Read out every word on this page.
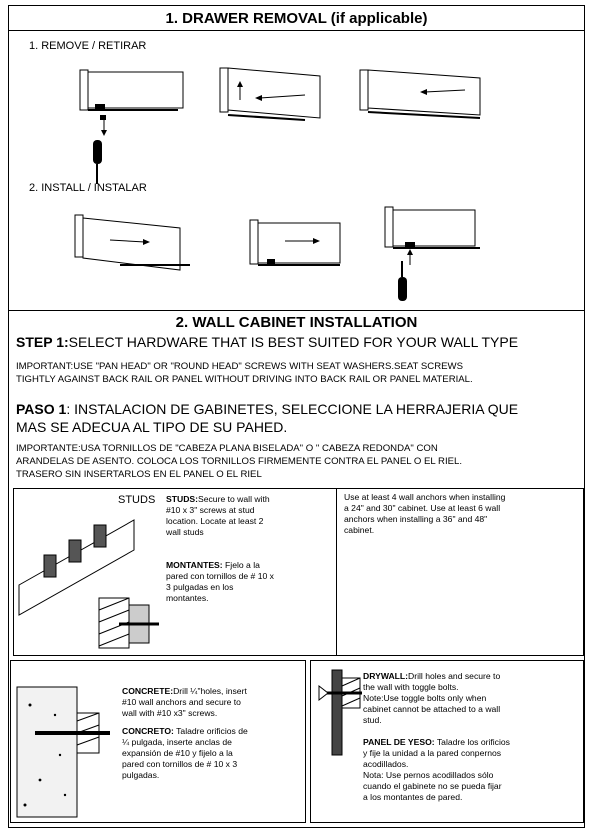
1. DRAWER REMOVAL (if applicable)
1. REMOVE / RETIRAR
2. INSTALL / INSTALAR
2. WALL CABINET INSTALLATION
STEP 1:SELECT HARDWARE THAT IS BEST SUITED FOR YOUR WALL TYPE
IMPORTANT:USE "PAN HEAD" OR "ROUND HEAD" SCREWS WITH SEAT WASHERS.SEAT SCREWS
TIGHTLY AGAINST BACK RAIL OR PANEL WITHOUT DRIVING INTO BACK RAIL OR PANEL MATERIAL.
PASO 1: INSTALACION DE GABINETES, SELECCIONE LA HERRAJERIA QUE
MAS SE ADECUA AL TIPO DE SU PAHED.
IMPORTANTE:USA TORNILLOS DE "CABEZA PLANA BISELADA" O " CABEZA REDONDA" CON
ARANDELAS DE ASENTO. COLOCA LOS TORNILLOS FIRMEMENTE CONTRA EL PANEL O EL RIEL.
TRASERO SIN INSERTARLOS EN EL PANEL O EL RIEL
STUDS STUDS:Secure to wall with
#10 x 3" screws at stud
location. Locate at least 2
wall studs
MONTANTES: Fjelo a la
pared con tornillos de # 10 x
3 pulgadas en los
montantes.
Use at least 4 wall anchors when installing
a 24" and 30" cabinet. Use at least 6 wall
anchors when installing a 36" and 48"
cabinet.
CONCRETE:Drill ¼"holes, insert
#10 wall anchors and secure to
wall with #10 x3" screws.
CONCRETO: Taladre orificios de
¼ pulgada, inserte anclas de
expansión de #10 y fijelo a la
pared con tornillos de # 10 x 3
pulgadas.
DRYWALL:Drill holes and secure to
the wall with toggle bolts.
Note:Use toggle bolts only when
cabinet cannot be attached to a wall
stud.
PANEL DE YESO: Taladre los orificios
y fije la unidad a la pared conpernos
acodillados.
Nota: Use pernos acodillados sólo
cuando el gabinete no se pueda fijar
a los montantes de pared.
